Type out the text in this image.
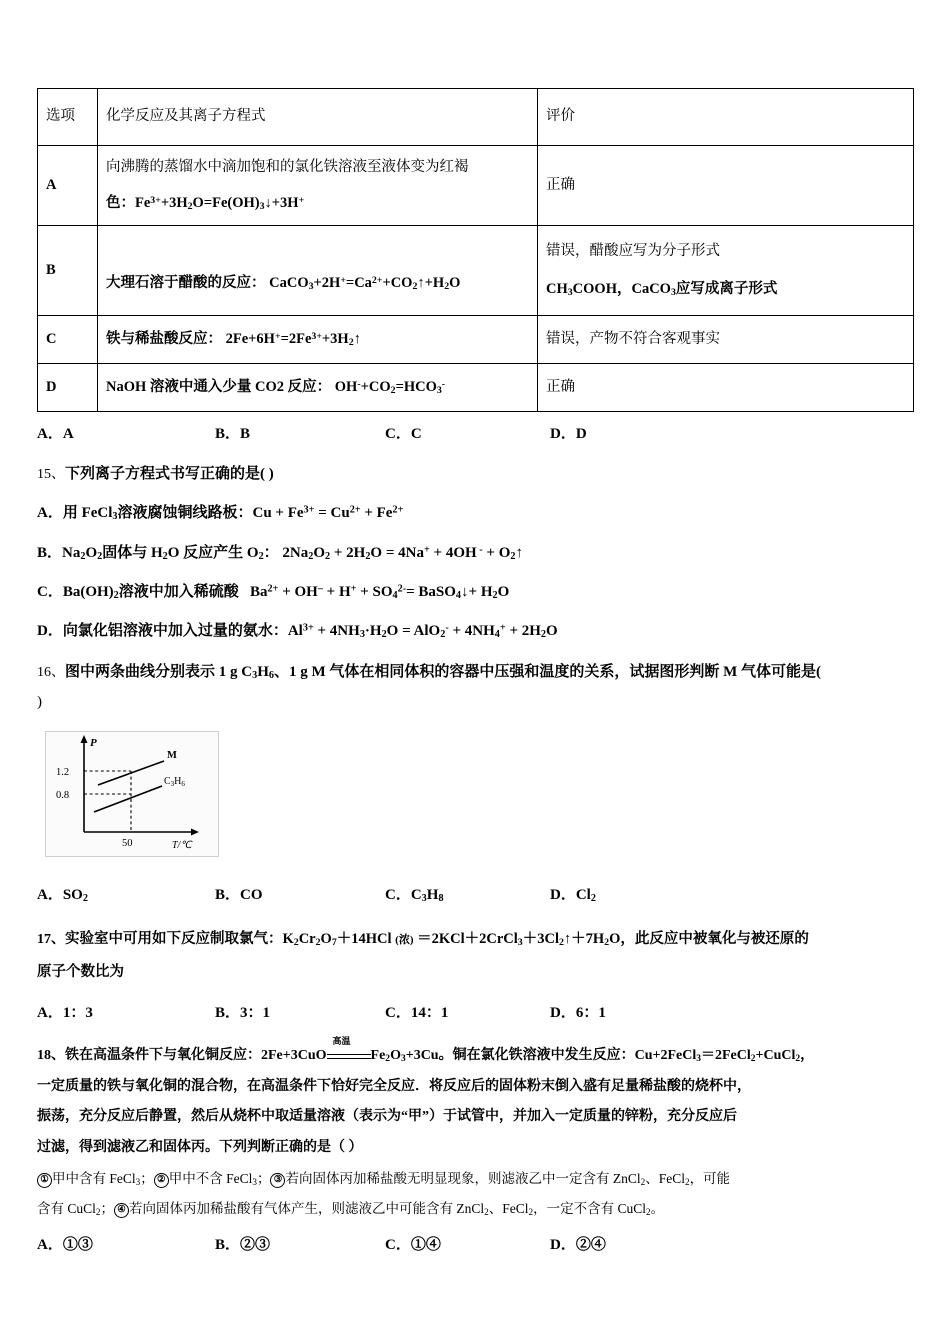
选项	化学反应及其离子方程式	评价
A	向沸腾的蒸馏水中滴加饱和的氯化铁溶液至液体变为红褐
色：$Fe^{3+}+3H_2O=Fe(OH)_3↓+3H^+$	正确
B	大理石溶于醋酸的反应： $CaCO_3+2H^+=Ca^{2+}+CO_2↑+H_2O$	错误，醋酸应写为分子形式
$CH_3COOH$，CaCO$_3$应写成离子形式

C	铁与稀盐酸反应： $2Fe+6H^+=2Fe^{3+}+3H_2↑$	错误，产物不符合客观事实
D	NaOH 溶液中通入少量 CO2 反应： $OH^-+CO_2=HCO_3^-$	正确
A．A	B．B	C．C	D．D
15、下列离子方程式书写正确的是( )
A．用 FeCl$_3$溶液腐蚀铜线路板：$Cu + Fe^{3+} = Cu^{2+} + Fe^{2+}$
B．$Na_2O_2$固体与 $H_2O$ 反应产生 $O_2$： $2Na_2O_2 + 2H_2O = 4Na^+ + 4OH$ $^- + O_2↑$
C．$Ba(OH)_2$溶液中加入稀硫酸   $Ba^{2+} + OH^- + H^+ + SO_4^{2-}=$ BaSO$_4$↓+ $H_2O$
D．向氯化铝溶液中加入过量的氨水：$Al^{3+} + 4NH_3\cdot H_2O = AlO_2^- + 4NH_4^+ + 2H_2O$
16、图中两条曲线分别表示 1 g $C_3H_6$、1 g M 气体在相同体积的容器中压强和温度的关系，试据图形判断 M 气体可能是(
)
P
T/℃
1.2
0.8
50
M
$C_3H_6$
A．$SO_2$	B．CO	C．$C_3H_8$	D．$Cl_2$
17、实验室中可用如下反应制取氯气：$K_2Cr_2O_7+14HCl$ (浓) $=2KCl+2CrCl_3+3Cl_2↑+7H_2O$，此反应中被氧化与被还原的
原子个数比为
A．1：3	B．3：1	C．14：1	D．6：1
18、铁在高温条件下与氧化铜反应：2Fe+3CuO
高温
$Fe_2O_3+3Cu$。铜在氯化铁溶液中发生反应：Cu+2FeCl$_3$＝2FeCl$_2$+CuCl$_2$，
一定质量的铁与氧化铜的混合物，在高温条件下恰好完全反应．将反应后的固体粉末倒入盛有足量稀盐酸的烧杯中，
振荡，充分反应后静置，然后从烧杯中取适量溶液（表示为“甲”）于试管中，并加入一定质量的锌粉，充分反应后
过滤，得到滤液乙和固体丙。下列判断正确的是（ ）
① 甲中含有 FeCl$_3$； ② 甲中不含 FeCl$_3$； ③ 若向固体丙加稀盐酸无明显现象，则滤液乙中一定含有 ZnCl$_2$、FeCl$_2$，可能
含有 CuCl$_2$； ④ 若向固体丙加稀盐酸有气体产生，则滤液乙中可能含有 ZnCl$_2$、FeCl$_2$，一定不含有 CuCl$_2$。
A．①③	B．②③	C．①④	D．②④
